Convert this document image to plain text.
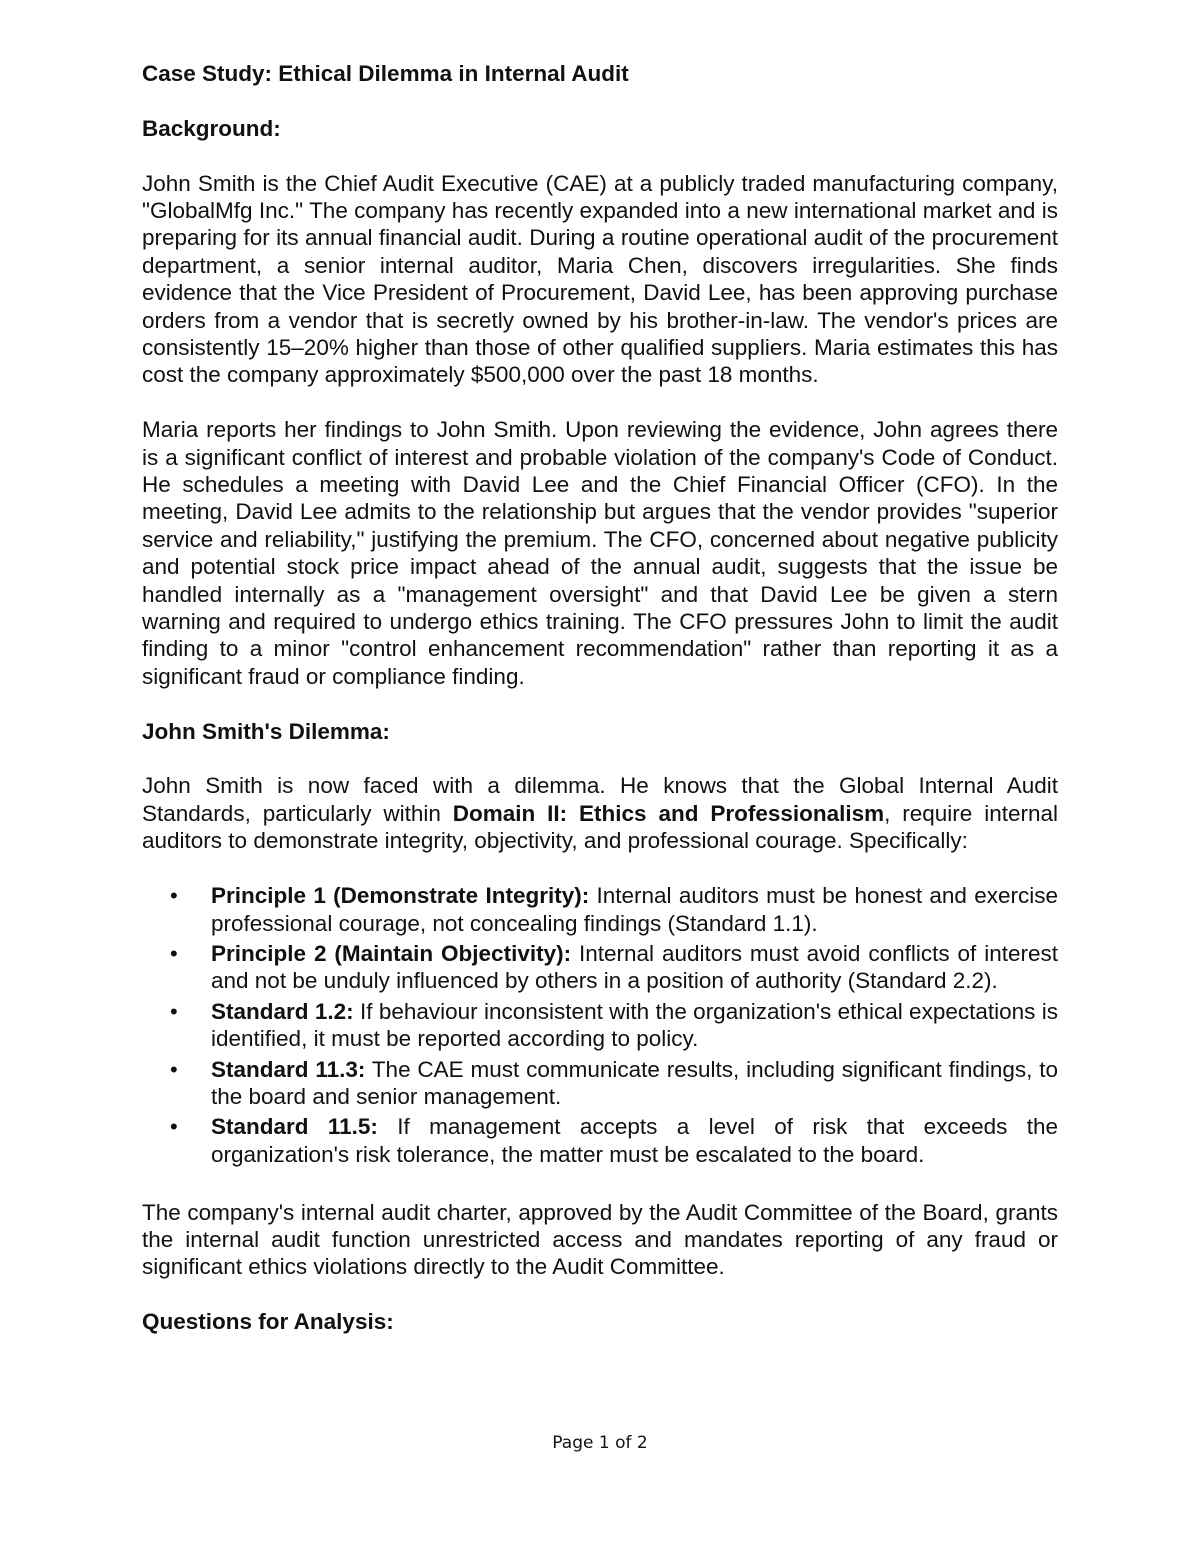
Case Study: Ethical Dilemma in Internal Audit

Background:

John Smith is the Chief Audit Executive (CAE) at a publicly traded manufacturing company, "GlobalMfg Inc." The company has recently expanded into a new international market and is preparing for its annual financial audit. During a routine operational audit of the procurement department, a senior internal auditor, Maria Chen, discovers irregularities. She finds evidence that the Vice President of Procurement, David Lee, has been approving purchase orders from a vendor that is secretly owned by his brother-in-law. The vendor's prices are consistently 15–20% higher than those of other qualified suppliers. Maria estimates this has cost the company approximately $500,000 over the past 18 months.

Maria reports her findings to John Smith. Upon reviewing the evidence, John agrees there is a significant conflict of interest and probable violation of the company's Code of Conduct. He schedules a meeting with David Lee and the Chief Financial Officer (CFO). In the meeting, David Lee admits to the relationship but argues that the vendor provides "superior service and reliability," justifying the premium. The CFO, concerned about negative publicity and potential stock price impact ahead of the annual audit, suggests that the issue be handled internally as a "management oversight" and that David Lee be given a stern warning and required to undergo ethics training. The CFO pressures John to limit the audit finding to a minor "control enhancement recommendation" rather than reporting it as a significant fraud or compliance finding.

John Smith's Dilemma:

John Smith is now faced with a dilemma. He knows that the Global Internal Audit Standards, particularly within Domain II: Ethics and Professionalism, require internal auditors to demonstrate integrity, objectivity, and professional courage. Specifically:

• Principle 1 (Demonstrate Integrity): Internal auditors must be honest and exercise professional courage, not concealing findings (Standard 1.1).
• Principle 2 (Maintain Objectivity): Internal auditors must avoid conflicts of interest and not be unduly influenced by others in a position of authority (Standard 2.2).
• Standard 1.2: If behaviour inconsistent with the organization's ethical expectations is identified, it must be reported according to policy.
• Standard 11.3: The CAE must communicate results, including significant findings, to the board and senior management.
• Standard 11.5: If management accepts a level of risk that exceeds the organization's risk tolerance, the matter must be escalated to the board.

The company's internal audit charter, approved by the Audit Committee of the Board, grants the internal audit function unrestricted access and mandates reporting of any fraud or significant ethics violations directly to the Audit Committee.

Questions for Analysis:

Page 1 of 2
